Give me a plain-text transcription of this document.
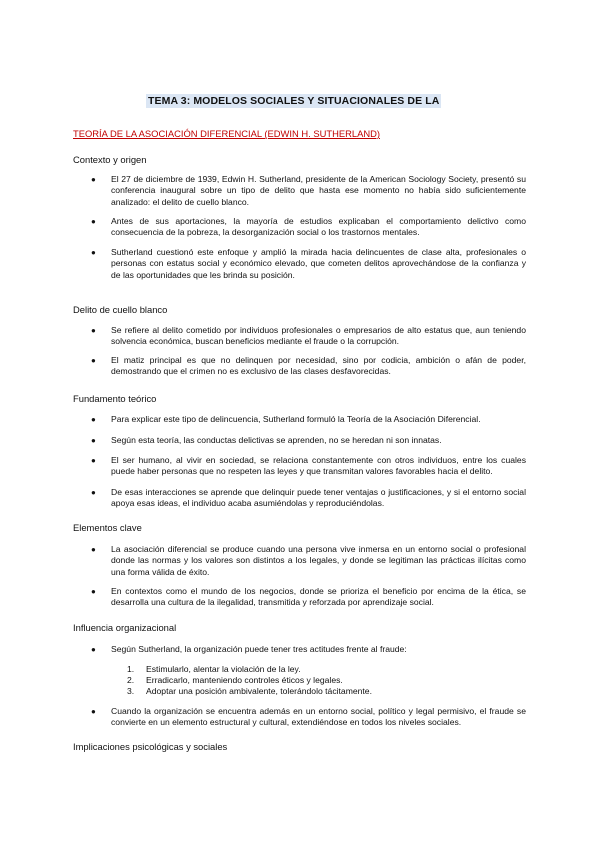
TEMA 3: MODELOS SOCIALES Y SITUACIONALES DE LA
TEORÍA DE LA ASOCIACIÓN DIFERENCIAL (EDWIN H. SUTHERLAND)
Contexto y origen
● El 27 de diciembre de 1939, Edwin H. Sutherland, presidente de la American Sociology Society, presentó su conferencia inaugural sobre un tipo de delito que hasta ese momento no había sido suficientemente analizado: el delito de cuello blanco.
● Antes de sus aportaciones, la mayoría de estudios explicaban el comportamiento delictivo como consecuencia de la pobreza, la desorganización social o los trastornos mentales.
● Sutherland cuestionó este enfoque y amplió la mirada hacia delincuentes de clase alta, profesionales o personas con estatus social y económico elevado, que cometen delitos aprovechándose de la confianza y de las oportunidades que les brinda su posición.
Delito de cuello blanco
● Se refiere al delito cometido por individuos profesionales o empresarios de alto estatus que, aun teniendo solvencia económica, buscan beneficios mediante el fraude o la corrupción.
● El matiz principal es que no delinquen por necesidad, sino por codicia, ambición o afán de poder, demostrando que el crimen no es exclusivo de las clases desfavorecidas.
Fundamento teórico
● Para explicar este tipo de delincuencia, Sutherland formuló la Teoría de la Asociación Diferencial.
● Según esta teoría, las conductas delictivas se aprenden, no se heredan ni son innatas.
● El ser humano, al vivir en sociedad, se relaciona constantemente con otros individuos, entre los cuales puede haber personas que no respeten las leyes y que transmitan valores favorables hacia el delito.
● De esas interacciones se aprende que delinquir puede tener ventajas o justificaciones, y si el entorno social apoya esas ideas, el individuo acaba asumiéndolas y reproduciéndolas.
Elementos clave
● La asociación diferencial se produce cuando una persona vive inmersa en un entorno social o profesional donde las normas y los valores son distintos a los legales, y donde se legitiman las prácticas ilícitas como una forma válida de éxito.
● En contextos como el mundo de los negocios, donde se prioriza el beneficio por encima de la ética, se desarrolla una cultura de la ilegalidad, transmitida y reforzada por aprendizaje social.
Influencia organizacional
● Según Sutherland, la organización puede tener tres actitudes frente al fraude:
1. Estimularlo, alentar la violación de la ley.
2. Erradicarlo, manteniendo controles éticos y legales.
3. Adoptar una posición ambivalente, tolerándolo tácitamente.
● Cuando la organización se encuentra además en un entorno social, político y legal permisivo, el fraude se convierte en un elemento estructural y cultural, extendiéndose en todos los niveles sociales.
Implicaciones psicológicas y sociales
